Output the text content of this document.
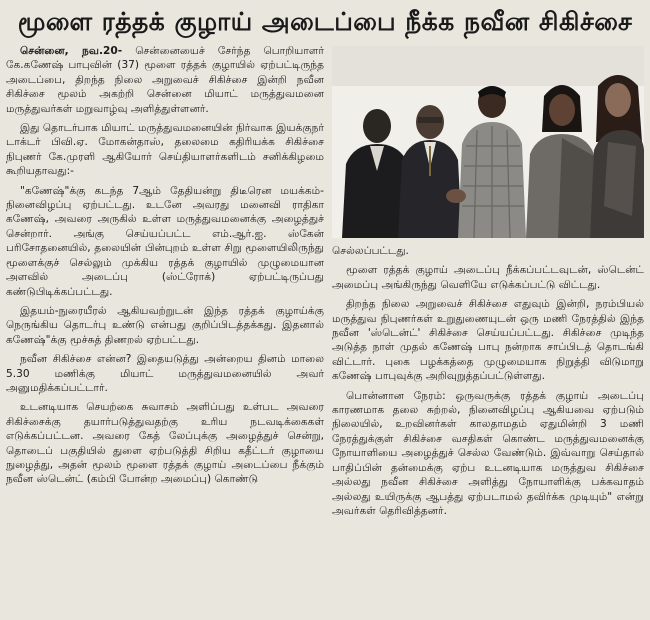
மூளை ரத்தக் குழாய் அடைப்பை நீக்க நவீன சிகிச்சை

சென்னை, நவ.20- சென்னையைச் சேர்ந்த பொறியாளர் கே.கணேஷ் பாபுவின் (37) மூளை ரத்தக் குழாயில் ஏற்பட்டிருந்த அடைப்பை, திறந்த நிலை அறுவைச் சிகிச்சை இன்றி நவீன சிகிச்சை மூலம் அகற்றி சென்னை மியாட் மருத்துவமனை மருத்துவர்கள் மறுவாழ்வு அளித்துள்ளனர்.

இது தொடர்பாக மியாட் மருத்துவமனையின் நிர்வாக இயக்குநர் டாக்டர் பிவி.ஏ. மோகன்தாஸ், தலைமை கதிரியக்க சிகிச்சை நிபுணர் கே.முரளி ஆகியோர் செய்தியாளர்களிடம் சனிக்கிழமை கூறியதாவது:-

"கணேஷ்"க்கு கடந்த 7ஆம் தேதியன்று திடீரென மயக்கம்-நினைவிழப்பு ஏற்பட்டது. உடனே அவரது மனைவி ராதிகா கணேஷ், அவரை அருகில் உள்ள மருத்துவமனைக்கு அழைத்துச் சென்றார். அங்கு செய்யப்பட்ட எம்.ஆர்.ஐ. ஸ்கேன் பரிசோதனையில், தலையின் பின்புறம் உள்ள சிறு மூளையிலிருந்து மூளைக்குச் செல்லும் முக்கிய ரத்தக் குழாயில் முழுமையான அளவில் அடைப்பு (ஸ்ட்ரோக்) ஏற்பட்டிருப்பது கண்டுபிடிக்கப்பட்டது.

இதயம்-நுரையீரல் ஆகியவற்றுடன் இந்த ரத்தக் குழாய்க்கு நெருங்கிய தொடர்பு உண்டு என்பது குறிப்பிடத்தக்கது. இதனால் கணேஷ்"க்கு மூச்சுத் திணறல் ஏற்பட்டது.

நவீன சிகிச்சை என்ன? இதையடுத்து அன்றைய தினம் மாலை 5.30 மணிக்கு மியாட் மருத்துவமனையில் அவர் அனுமதிக்கப்பட்டார்.

உடனடியாக செயற்கை சுவாசம் அளிப்பது உள்பட அவரை சிகிச்சைக்கு தயார்படுத்துவதற்கு உரிய நடவடிக்கைகள் எடுக்கப்பட்டன. அவரை கேத் லேப்புக்கு அழைத்துச் சென்று, தொடைப் பகுதியில் துளை ஏற்படுத்தி சிறிய கதீட்டர் குழாயை நுழைத்து, அதன் மூலம் மூளை ரத்தக் குழாய் அடைப்பை நீக்கும் நவீன ஸ்டென்ட் (கம்பி போன்ற அமைப்பு) கொண்டு

செல்லப்பட்டது.

மூளை ரத்தக் குழாய் அடைப்பு நீக்கப்பட்டவுடன், ஸ்டென்ட் அமைப்பு அங்கிருந்து வெளியே எடுக்கப்பட்டு விட்டது.

திறந்த நிலை அறுவைச் சிகிச்சை எதுவும் இன்றி, நரம்பியல் மருத்துவ நிபுணர்கள் உறுதுணையுடன் ஒரு மணி நேரத்தில் இந்த நவீன 'ஸ்டென்ட்' சிகிச்சை செய்யப்பட்டது. சிகிச்சை முடிந்த அடுத்த நாள் முதல் கணேஷ் பாபு நன்றாக சாப்பிடத் தொடங்கி விட்டார். புகை பழக்கத்தை முழுமையாக நிறுத்தி விடுமாறு கணேஷ் பாபுவுக்கு அறிவுறுத்தப்பட்டுள்ளது.

பொன்னான நேரம்: ஒருவருக்கு ரத்தக் குழாய் அடைப்பு காரணமாக தலை சுற்றல், நினைவிழப்பு ஆகியவை ஏற்படும் நிலையில், உறவினர்கள் காலதாமதம் ஏதுமின்றி 3 மணி நேரத்துக்குள் சிகிச்சை வசதிகள் கொண்ட மருத்துவமனைக்கு நோயாளியை அழைத்துச் செல்ல வேண்டும். இவ்வாறு செய்தால் பாதிப்பின் தன்மைக்கு ஏற்ப உடனடியாக மருத்துவ சிகிச்சை அல்லது நவீன சிகிச்சை அளித்து நோயாளிக்கு பக்கவாதம் அல்லது உயிருக்கு ஆபத்து ஏற்படாமல் தவிர்க்க முடியும்" என்று அவர்கள் தெரிவித்தனர்.
